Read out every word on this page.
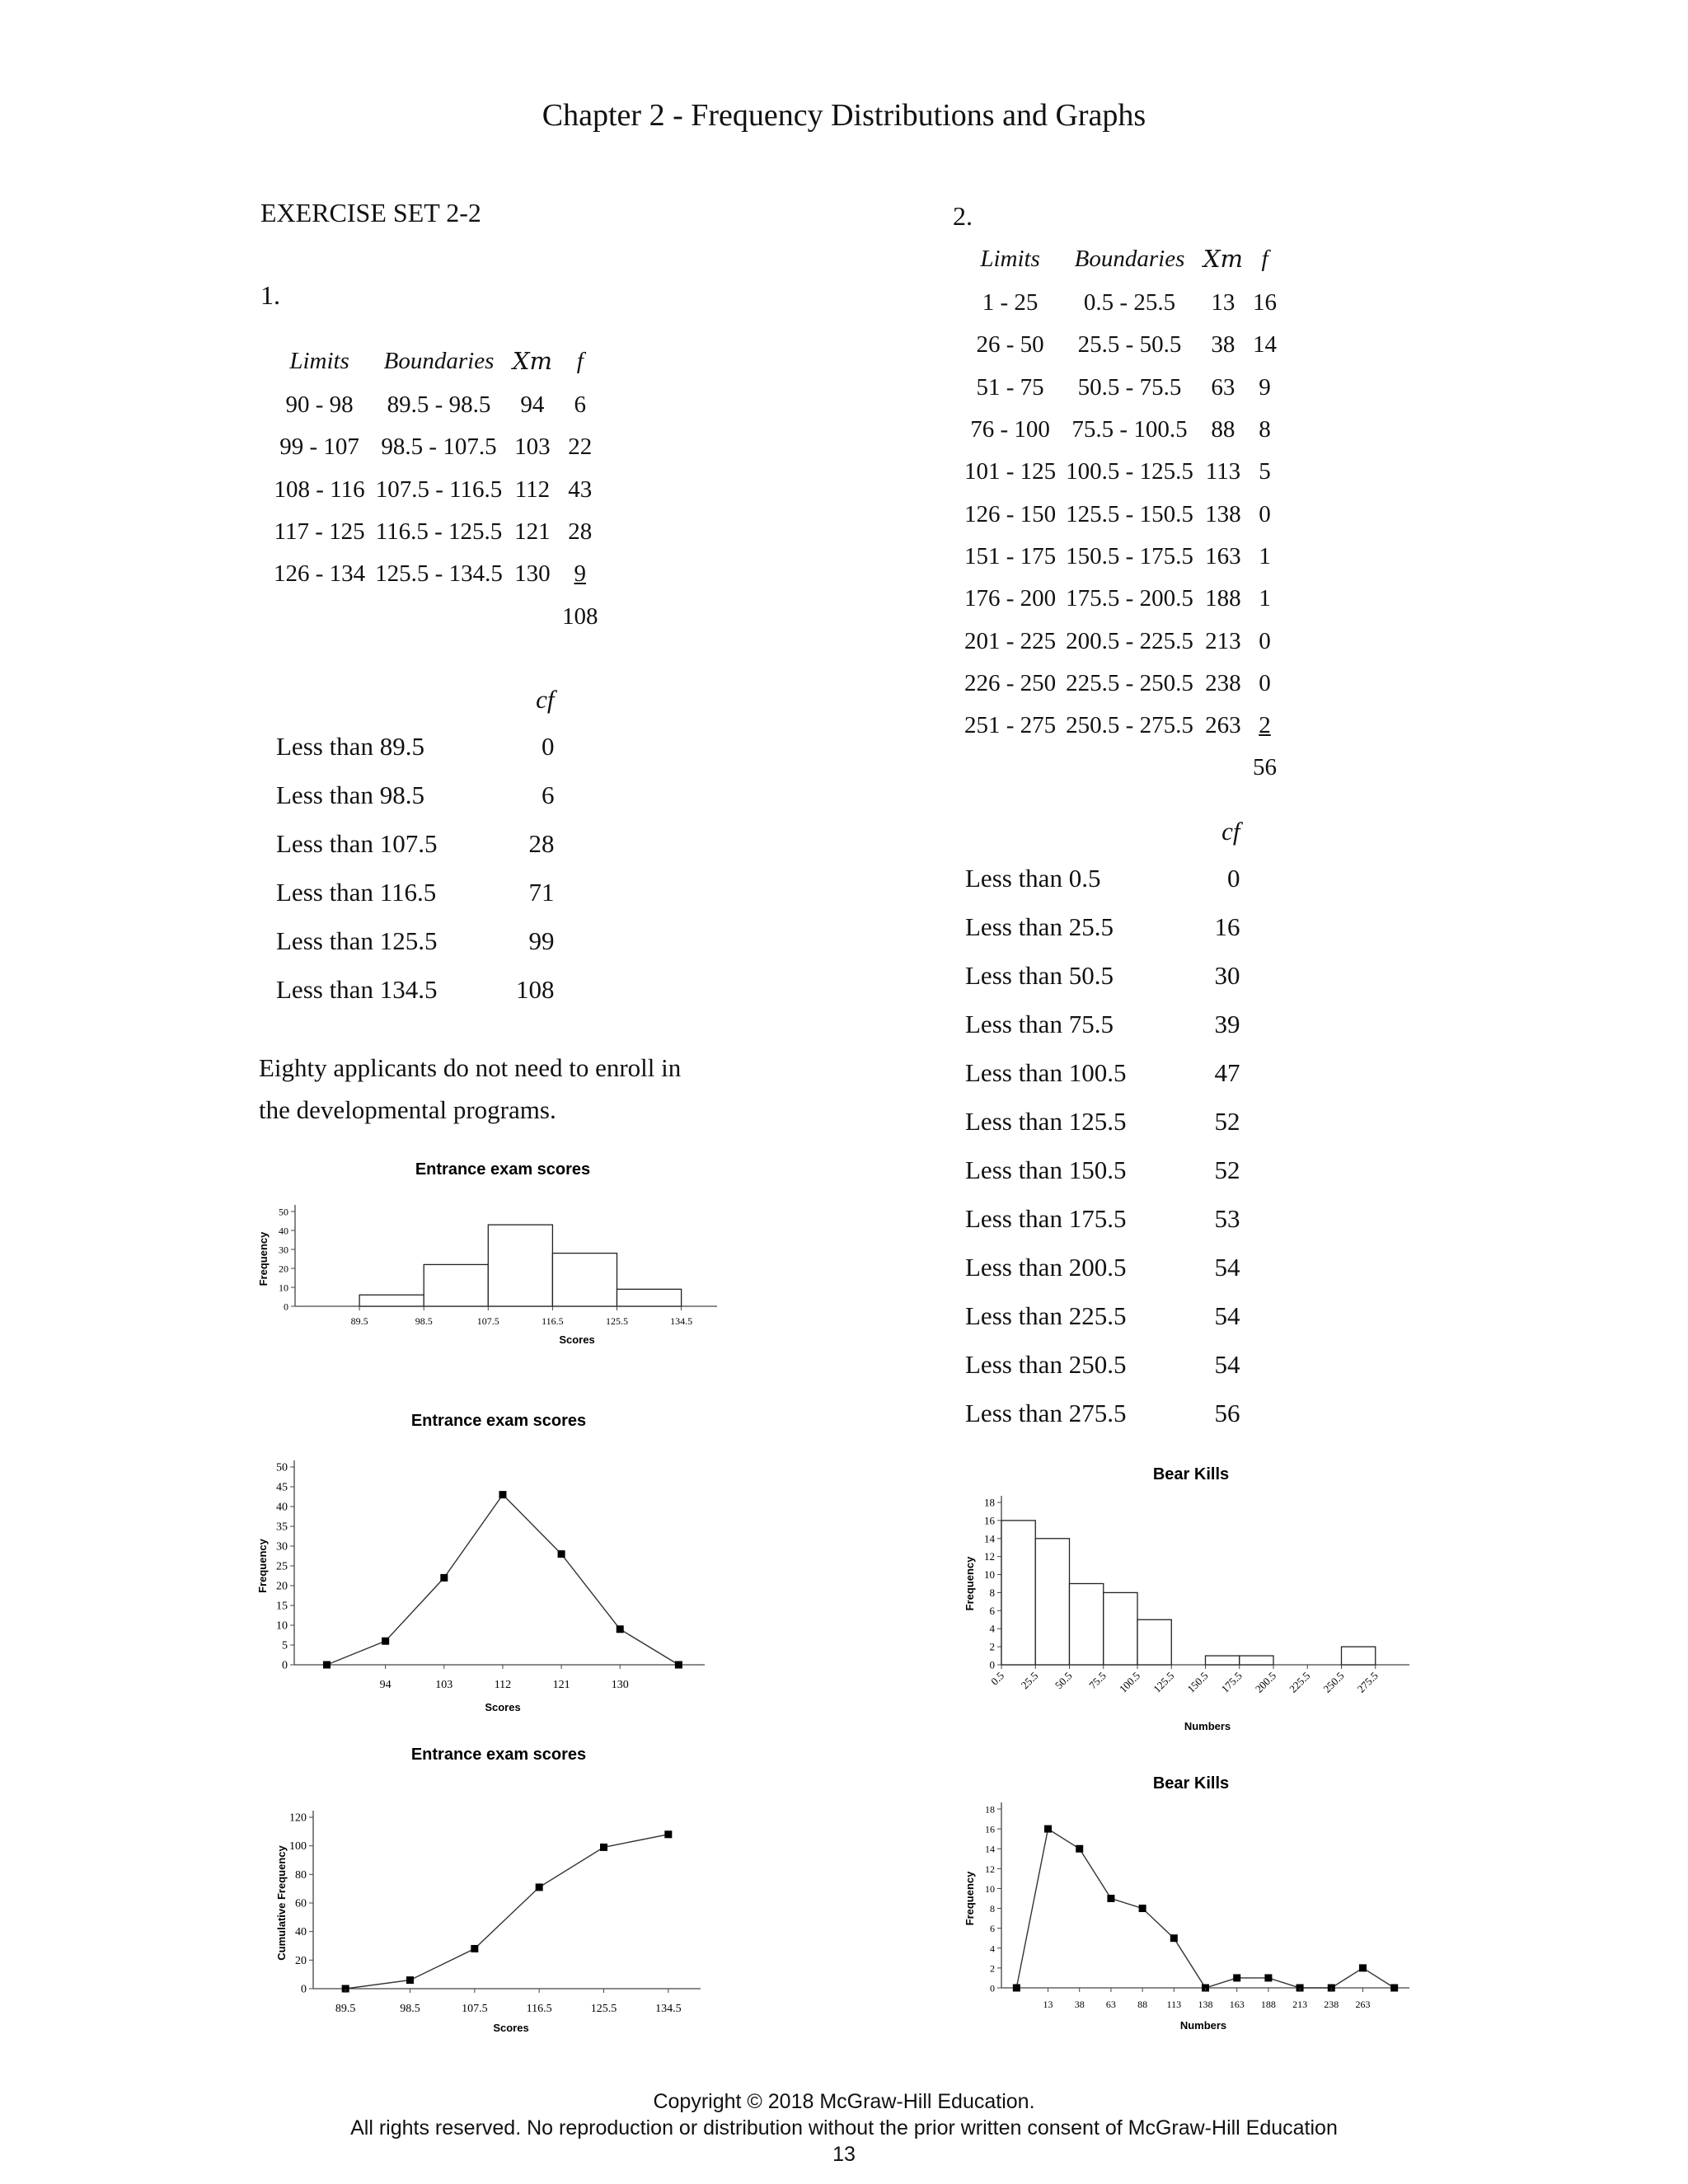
Chapter 2 - Frequency Distributions and Graphs
EXERCISE SET 2-2
1.
2.
Limits	Boundaries	Xm	f
90 - 98	89.5 - 98.5	94	6
99 - 107	98.5 - 107.5	103	22
108 - 116	107.5 - 116.5	112	43
117 - 125	116.5 - 125.5	121	28
126 - 134	125.5 - 134.5	130	9
			108
	cf
Less than 89.5	0
Less than 98.5	6
Less than 107.5	28
Less than 116.5	71
Less than 125.5	99
Less than 134.5	108
Eighty applicants do not need to enroll in
the developmental programs.
Limits	Boundaries	Xm	f
1 - 25	0.5 - 25.5	13	16
26 - 50	25.5 - 50.5	38	14
51 - 75	50.5 - 75.5	63	9
76 - 100	75.5 - 100.5	88	8
101 - 125	100.5 - 125.5	113	5
126 - 150	125.5 - 150.5	138	0
151 - 175	150.5 - 175.5	163	1
176 - 200	175.5 - 200.5	188	1
201 - 225	200.5 - 225.5	213	0
226 - 250	225.5 - 250.5	238	0
251 - 275	250.5 - 275.5	263	2
			56
	cf
Less than 0.5	0
Less than 25.5	16
Less than 50.5	30
Less than 75.5	39
Less than 100.5	47
Less than 125.5	52
Less than 150.5	52
Less than 175.5	53
Less than 200.5	54
Less than 225.5	54
Less than 250.5	54
Less than 275.5	56
Entrance exam scores
0
10
20
30
40
50
Frequency
Scores
89.5	98.5	107.5	116.5	125.5	134.5
Entrance exam scores
0
5
10
15
20
25
30
35
40
45
50
Frequency
Scores
94	103	112	121	130
Entrance exam scores
0
20
40
60
80
100
120
Cumulative Frequency
Scores
89.5	98.5	107.5	116.5	125.5	134.5
Bear Kills
0
2
4
6
8
10
12
14
16
18
Frequency
Numbers
0.5 25.5 50.5 75.5 100.5 125.5 150.5 175.5 200.5 225.5 250.5 275.5
Bear Kills
0
2
4
6
8
10
12
14
16
18
Frequency
Numbers
13 38 63 88 113 138 163 188 213 238 263
Copyright © 2018 McGraw-Hill Education.
All rights reserved. No reproduction or distribution without the prior written consent of McGraw-Hill Education
13
